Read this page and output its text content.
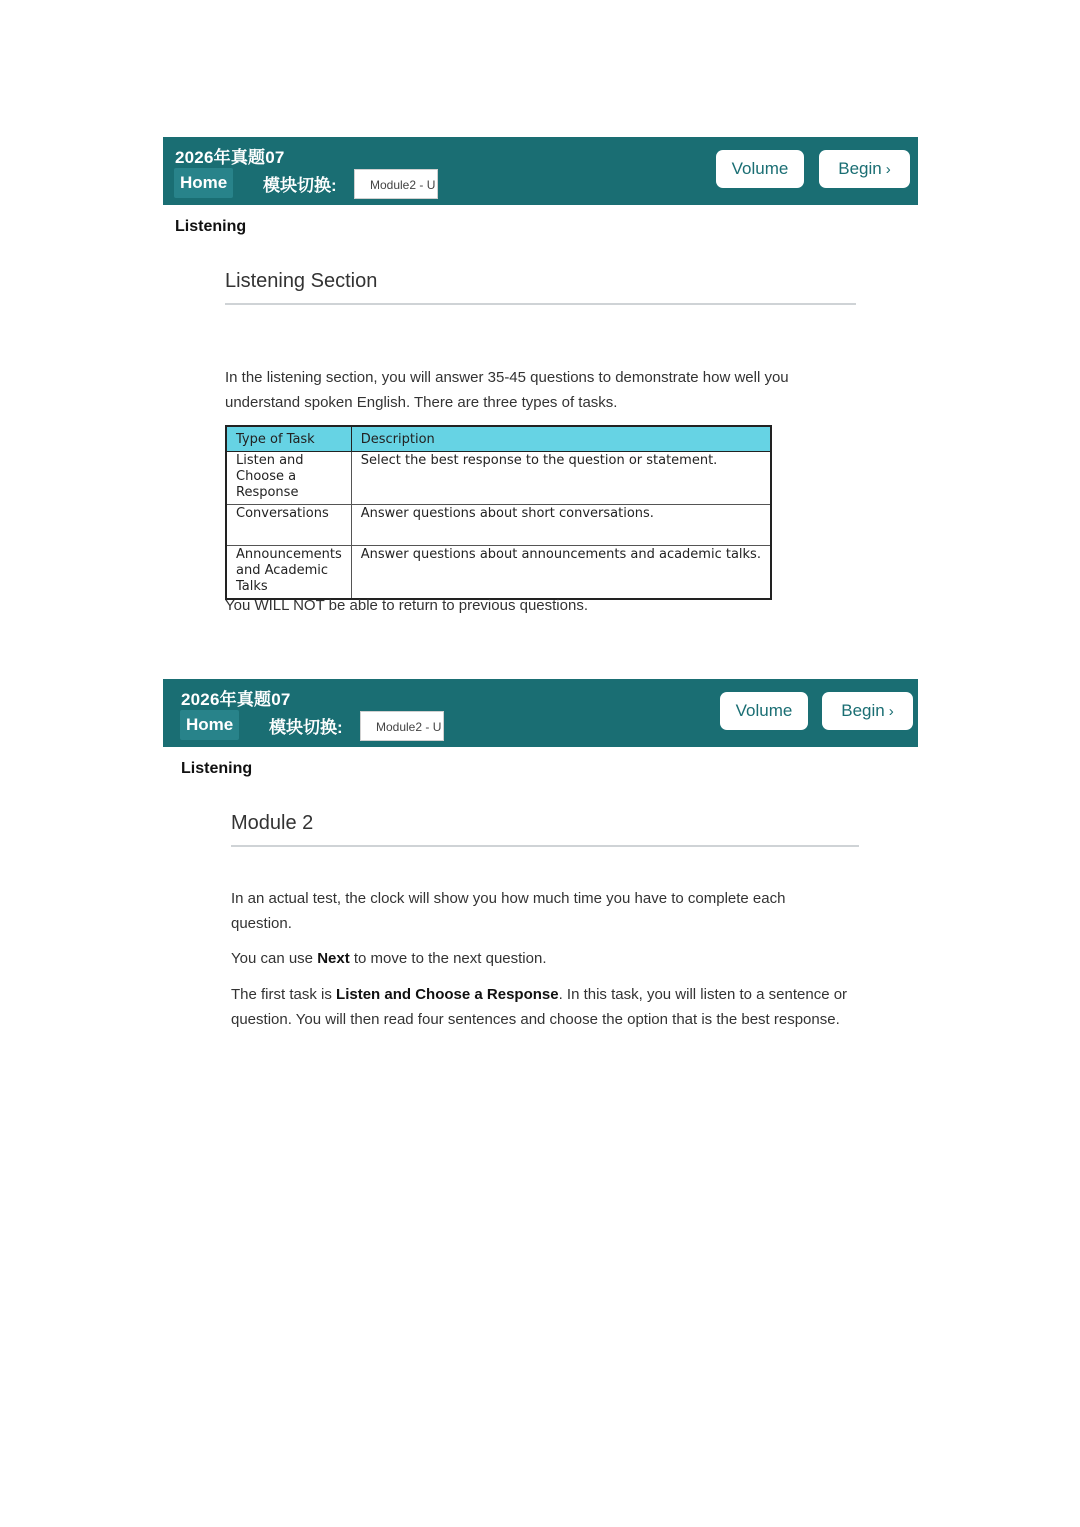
2026年真题07
Home	模块切换:	Module2 - U
Volume	Begin ›
Listening
Listening Section
In the listening section, you will answer 35-45 questions to demonstrate how well you understand spoken English. There are three types of tasks.
Type of Task	Description
Listen and Choose a Response	Select the best response to the question or statement.
Conversations	Answer questions about short conversations.
Announcements and Academic Talks	Answer questions about announcements and academic talks.
You WILL NOT be able to return to previous questions.
2026年真题07
Home	模块切换:	Module2 - U
Volume	Begin ›
Listening
Module 2
In an actual test, the clock will show you how much time you have to complete each question.
You can use Next to move to the next question.
The first task is Listen and Choose a Response. In this task, you will listen to a sentence or question. You will then read four sentences and choose the option that is the best response.
